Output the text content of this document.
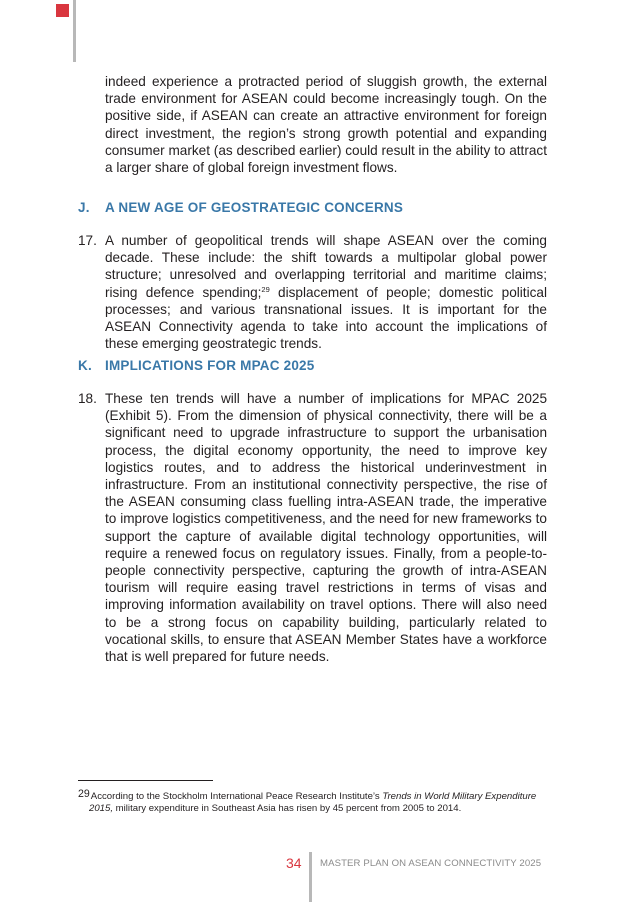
indeed experience a protracted period of sluggish growth, the external trade environment for ASEAN could become increasingly tough. On the positive side, if ASEAN can create an attractive environment for foreign direct investment, the region’s strong growth potential and expanding consumer market (as described earlier) could result in the ability to attract a larger share of global foreign investment flows.

J. A NEW AGE OF GEOSTRATEGIC CONCERNS
17. A number of geopolitical trends will shape ASEAN over the coming decade. These include: the shift towards a multipolar global power structure; unresolved and overlapping territorial and maritime claims; rising defence spending;$^{29}$ displacement of people; domestic political processes; and various transnational issues. It is important for the ASEAN Connectivity agenda to take into account the implications of these emerging geostrategic trends.

K. IMPLICATIONS FOR MPAC 2025
18. These ten trends will have a number of implications for MPAC 2025 (Exhibit 5). From the dimension of physical connectivity, there will be a significant need to upgrade infrastructure to support the urbanisation process, the digital economy opportunity, the need to improve key logistics routes, and to address the historical underinvestment in infrastructure. From an institutional connectivity perspective, the rise of the ASEAN consuming class fuelling intra-ASEAN trade, the imperative to improve logistics competitiveness, and the need for new frameworks to support the capture of available digital technology opportunities, will require a renewed focus on regulatory issues. Finally, from a people-to-people connectivity perspective, capturing the growth of intra-ASEAN tourism will require easing travel restrictions in terms of visas and improving information availability on travel options. There will also need to be a strong focus on capability building, particularly related to vocational skills, to ensure that ASEAN Member States have a workforce that is well prepared for future needs.

29According to the Stockholm International Peace Research Institute’s Trends in World Military Expenditure
2015, military expenditure in Southeast Asia has risen by 45 percent from 2005 to 2014.

34 MASTER PLAN ON ASEAN CONNECTIVITY 2025
